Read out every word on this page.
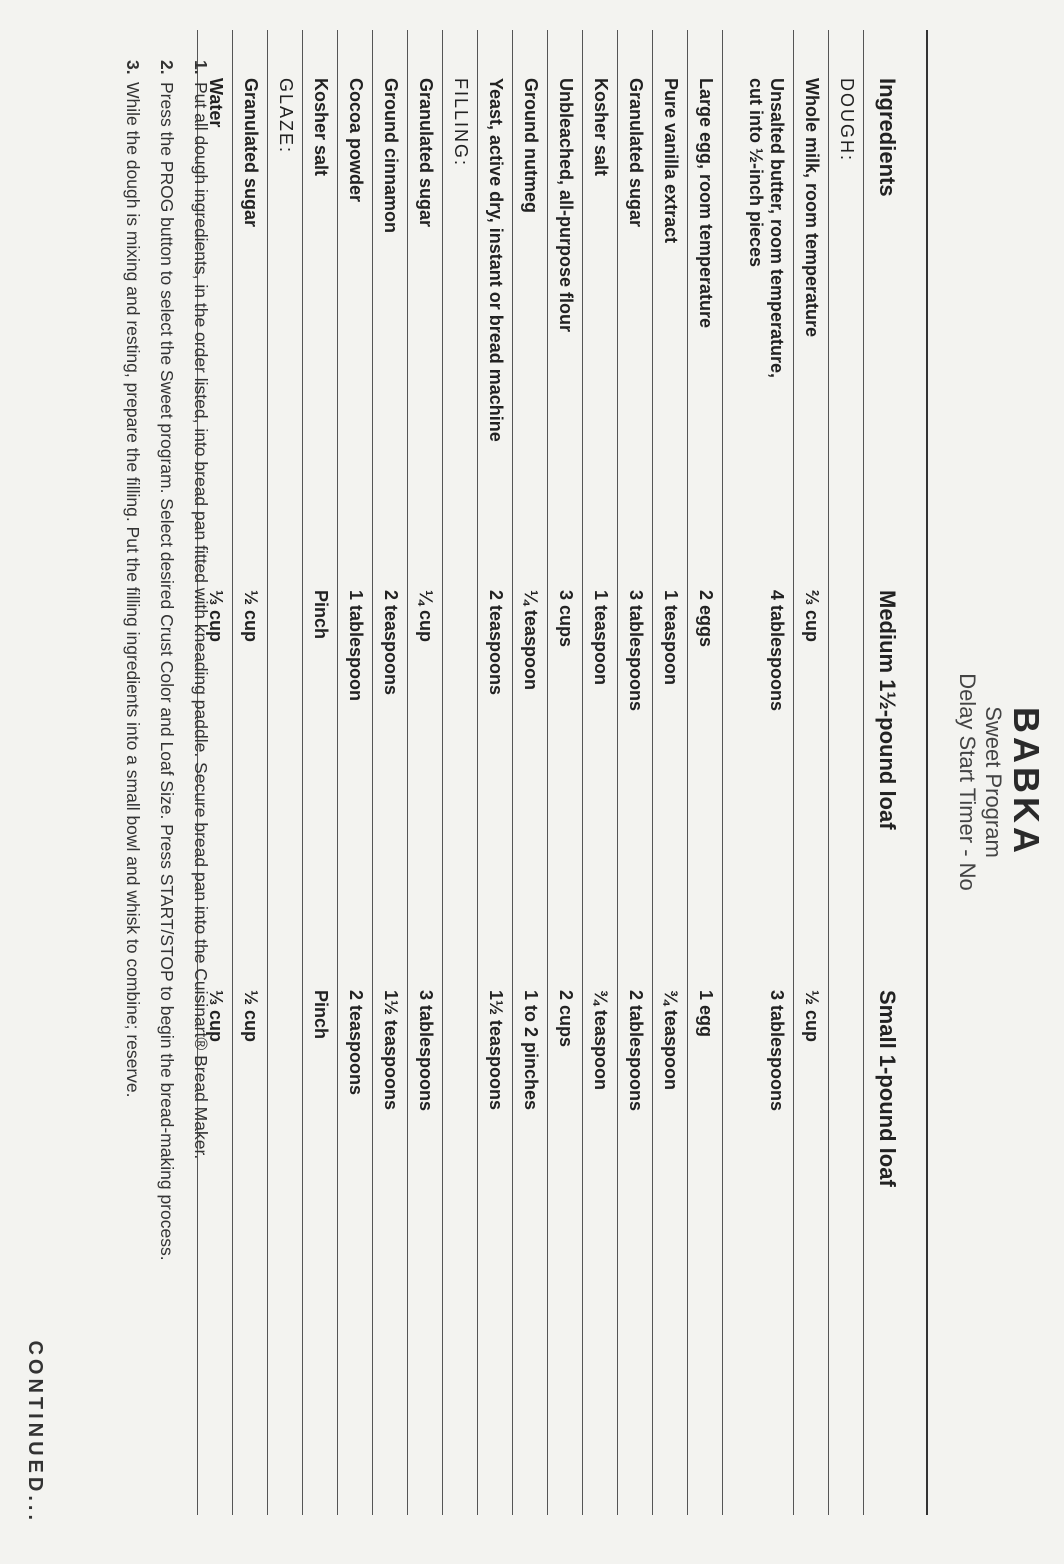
BABKA

Sweet Program

Delay Start Timer - No

Ingredients
Medium 1½-pound loaf
Small 1-pound loaf
DOUGH:
Whole milk, room temperature
⅔ cup
½ cup
Unsalted butter, room temperature,
cut into ½-inch pieces
4 tablespoons
3 tablespoons
Large egg, room temperature
2 eggs
1 egg
Pure vanilla extract
1 teaspoon
¾ teaspoon
Granulated sugar
3 tablespoons
2 tablespoons
Kosher salt
1 teaspoon
¾ teaspoon
Unbleached, all-purpose flour
3 cups
2 cups
Ground nutmeg
¼ teaspoon
1 to 2 pinches
Yeast, active dry, instant or bread machine
2 teaspoons
1½ teaspoons
FILLING:
Granulated sugar
¼ cup
3 tablespoons
Ground cinnamon
2 teaspoons
1½ teaspoons
Cocoa powder
1 tablespoon
2 teaspoons
Kosher salt
Pinch
Pinch
GLAZE:
Granulated sugar
½ cup
½ cup
Water
⅓ cup
⅓ cup

1.
Put all dough ingredients, in the order listed, into bread pan fitted with kneading paddle. Secure bread pan into the Cuisinart® Bread Maker.

2.
Press the PROG button to select the Sweet program. Select desired Crust Color and Loaf Size. Press START/STOP to begin the bread-making process.

3.
While the dough is mixing and resting, prepare the filling. Put the filling ingredients into a small bowl and whisk to combine; reserve.

CONTINUED...
